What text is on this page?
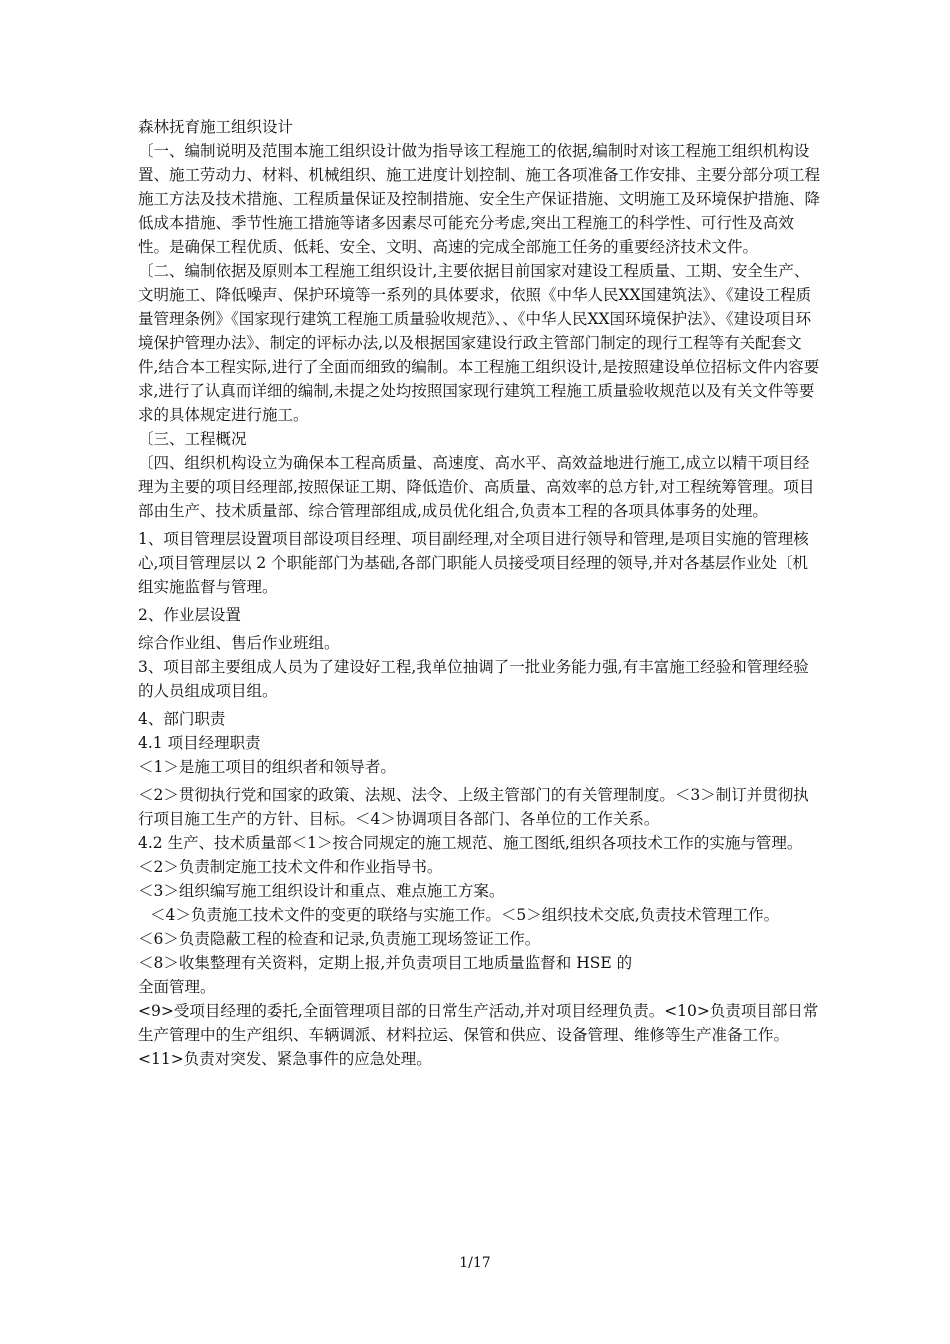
森林抚育施工组织设计

〔一、编制说明及范围本施工组织设计做为指导该工程施工的依据,编制时对该工程施工组织机构设置、施工劳动力、材料、机械组织、施工进度计划控制、施工各项准备工作安排、主要分部分项工程施工方法及技术措施、工程质量保证及控制措施、安全生产保证措施、文明施工及环境保护措施、降低成本措施、季节性施工措施等诸多因素尽可能充分考虑,突出工程施工的科学性、可行性及高效性。是确保工程优质、低耗、安全、文明、高速的完成全部施工任务的重要经济技术文件。

〔二、编制依据及原则本工程施工组织设计,主要依据目前国家对建设工程质量、工期、安全生产、文明施工、降低噪声、保护环境等一系列的具体要求，依照《中华人民XX国建筑法》、《建设工程质量管理条例》《国家现行建筑工程施工质量验收规范》、、《中华人民XX国环境保护法》、《建设项目环境保护管理办法》、制定的评标办法,以及根据国家建设行政主管部门制定的现行工程等有关配套文件,结合本工程实际,进行了全面而细致的编制。本工程施工组织设计,是按照建设单位招标文件内容要求,进行了认真而详细的编制,未提之处均按照国家现行建筑工程施工质量验收规范以及有关文件等要求的具体规定进行施工。

〔三、工程概况

〔四、组织机构设立为确保本工程高质量、高速度、高水平、高效益地进行施工,成立以精干项目经理为主要的项目经理部,按照保证工期、降低造价、高质量、高效率的总方针,对工程统筹管理。项目部由生产、技术质量部、综合管理部组成,成员优化组合,负责本工程的各项具体事务的处理。

1、项目管理层设置项目部设项目经理、项目副经理,对全项目进行领导和管理,是项目实施的管理核心,项目管理层以 2 个职能部门为基础,各部门职能人员接受项目经理的领导,并对各基层作业处〔机组实施监督与管理。

2、作业层设置

综合作业组、售后作业班组。

3、项目部主要组成人员为了建设好工程,我单位抽调了一批业务能力强,有丰富施工经验和管理经验的人员组成项目组。

4、部门职责

4.1 项目经理职责

＜1＞是施工项目的组织者和领导者。

＜2＞贯彻执行党和国家的政策、法规、法令、上级主管部门的有关管理制度。＜3＞制订并贯彻执行项目施工生产的方针、目标。＜4＞协调项目各部门、各单位的工作关系。

4.2 生产、技术质量部＜1＞按合同规定的施工规范、施工图纸,组织各项技术工作的实施与管理。

＜2＞负责制定施工技术文件和作业指导书。

＜3＞组织编写施工组织设计和重点、难点施工方案。

＜4＞负责施工技术文件的变更的联络与实施工作。＜5＞组织技术交底,负责技术管理工作。

＜6＞负责隐蔽工程的检查和记录,负责施工现场签证工作。

＜8＞收集整理有关资料，定期上报,并负责项目工地质量监督和 HSE 的

全面管理。

<9>受项目经理的委托,全面管理项目部的日常生产活动,并对项目经理负责。<10>负责项目部日常生产管理中的生产组织、车辆调派、材料拉运、保管和供应、设备管理、维修等生产准备工作。

<11>负责对突发、紧急事件的应急处理。

1/17
